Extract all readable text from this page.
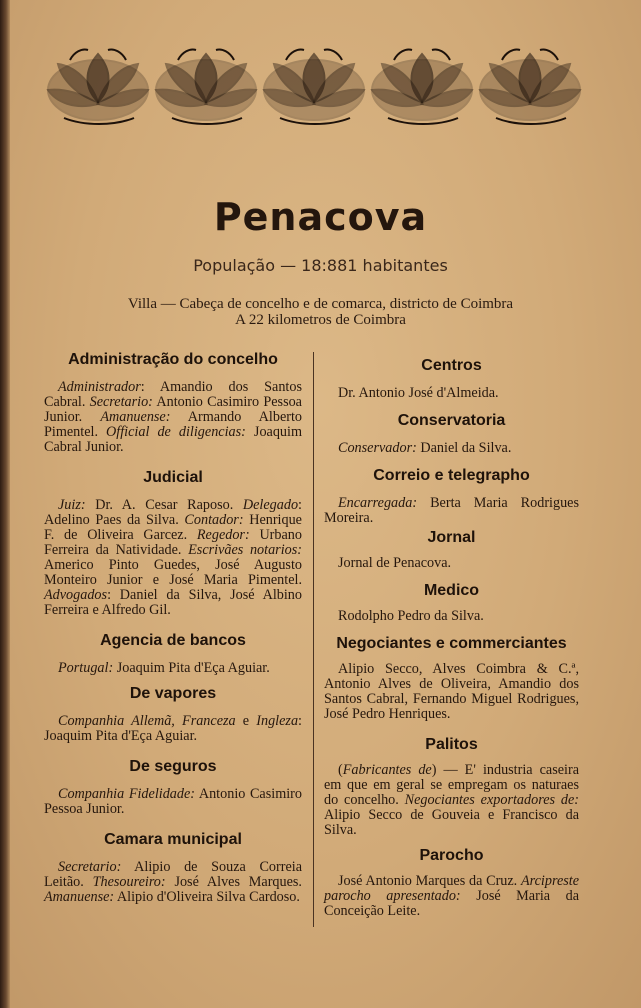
Penacova
População — 18:881 habitantes
Villa — Cabeça de concelho e de comarca, districto de Coimbra
A 22 kilometros de Coimbra
Administração do concelho

Administrador: Amandio dos Santos Cabral. Secretario: Antonio Casimiro Pessoa Junior. Amanuense: Armando Alberto Pimentel. Official de diligencias: Joaquim Cabral Junior.

Judicial

Juiz: Dr. A. Cesar Raposo. Delegado: Adelino Paes da Silva. Contador: Henrique F. de Oliveira Garcez. Regedor: Urbano Ferreira da Natividade. Escrivães notarios: Americo Pinto Guedes, José Augusto Monteiro Junior e José Maria Pimentel. Advogados: Daniel da Silva, José Albino Ferreira e Alfredo Gil.

Agencia de bancos

Portugal: Joaquim Pita d'Eça Aguiar.

De vapores

Companhia Allemã, Franceza e Ingleza: Joaquim Pita d'Eça Aguiar.

De seguros

Companhia Fidelidade: Antonio Casimiro Pessoa Junior.

Camara municipal

Secretario: Alipio de Souza Correia Leitão. Thesoureiro: José Alves Marques. Amanuense: Alipio d'Oliveira Silva Cardoso.

Centros

Dr. Antonio José d'Almeida.

Conservatoria

Conservador: Daniel da Silva.

Correio e telegrapho

Encarregada: Berta Maria Rodrigues Moreira.

Jornal

Jornal de Penacova.

Medico

Rodolpho Pedro da Silva.

Negociantes e commerciantes

Alipio Secco, Alves Coimbra & C.ª, Antonio Alves de Oliveira, Amandio dos Santos Cabral, Fernando Miguel Rodrigues, José Pedro Henriques.

Palitos

(Fabricantes de) — E' industria caseira em que em geral se empregam os naturaes do concelho. Negociantes exportadores de: Alipio Secco de Gouveia e Francisco da Silva.

Parocho

José Antonio Marques da Cruz. Arcipreste parocho apresentado: José Maria da Conceição Leite.
